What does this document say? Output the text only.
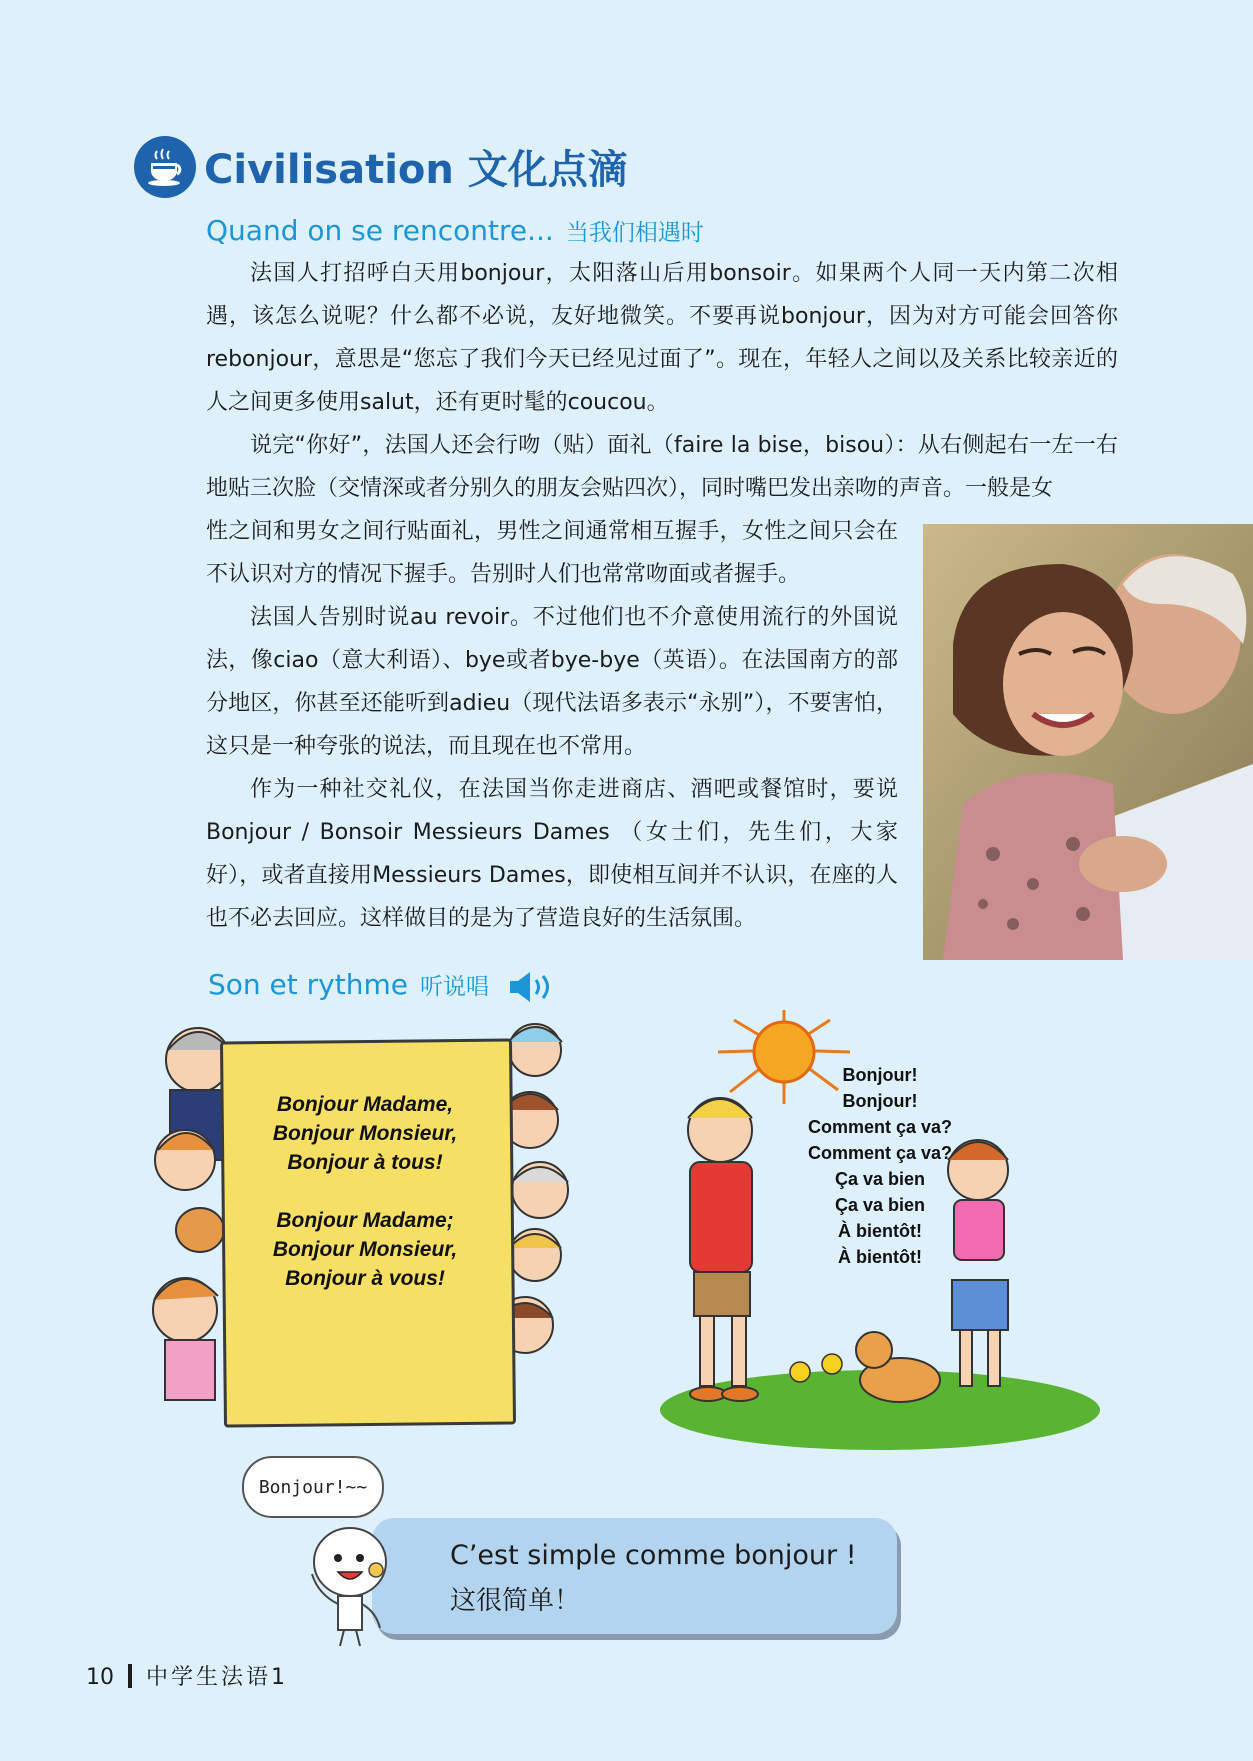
Civilisation 文化点滴
Quand on se rencontre... 当我们相遇时

法国人打招呼白天用bonjour，太阳落山后用bonsoir。如果两个人同一天内第二次相遇，该怎么说呢？什么都不必说，友好地微笑。不要再说bonjour，因为对方可能会回答你rebonjour，意思是“您忘了我们今天已经见过面了”。现在，年轻人之间以及关系比较亲近的人之间更多使用salut，还有更时髦的coucou。

说完“你好”，法国人还会行吻（贴）面礼（faire la bise，bisou）：从右侧起右一左一右地贴三次脸（交情深或者分别久的朋友会贴四次），同时嘴巴发出亲吻的声音。一般是女

性之间和男女之间行贴面礼，男性之间通常相互握手，女性之间只会在不认识对方的情况下握手。告别时人们也常常吻面或者握手。

法国人告别时说au revoir。不过他们也不介意使用流行的外国说法，像ciao（意大利语）、bye或者bye-bye（英语）。在法国南方的部分地区，你甚至还能听到adieu（现代法语多表示“永别”），不要害怕，这只是一种夸张的说法，而且现在也不常用。

作为一种社交礼仪，在法国当你走进商店、酒吧或餐馆时，要说Bonjour / Bonsoir Messieurs Dames （女士们，先生们，大家好），或者直接用Messieurs Dames，即使相互间并不认识，在座的人也不必去回应。这样做目的是为了营造良好的生活氛围。

Son et rythme 听说唱
Bonjour Madame,
Bonjour Monsieur,
Bonjour à tous!
Bonjour Madame;
Bonjour Monsieur,
Bonjour à vous!
Bonjour!
Bonjour!
Comment ça va?
Comment ça va?
Ça va bien
Ça va bien
À bientôt!
À bientôt!
Bonjour!~~
C’est simple comme bonjour !
这很简单！
10 中学生法语1
